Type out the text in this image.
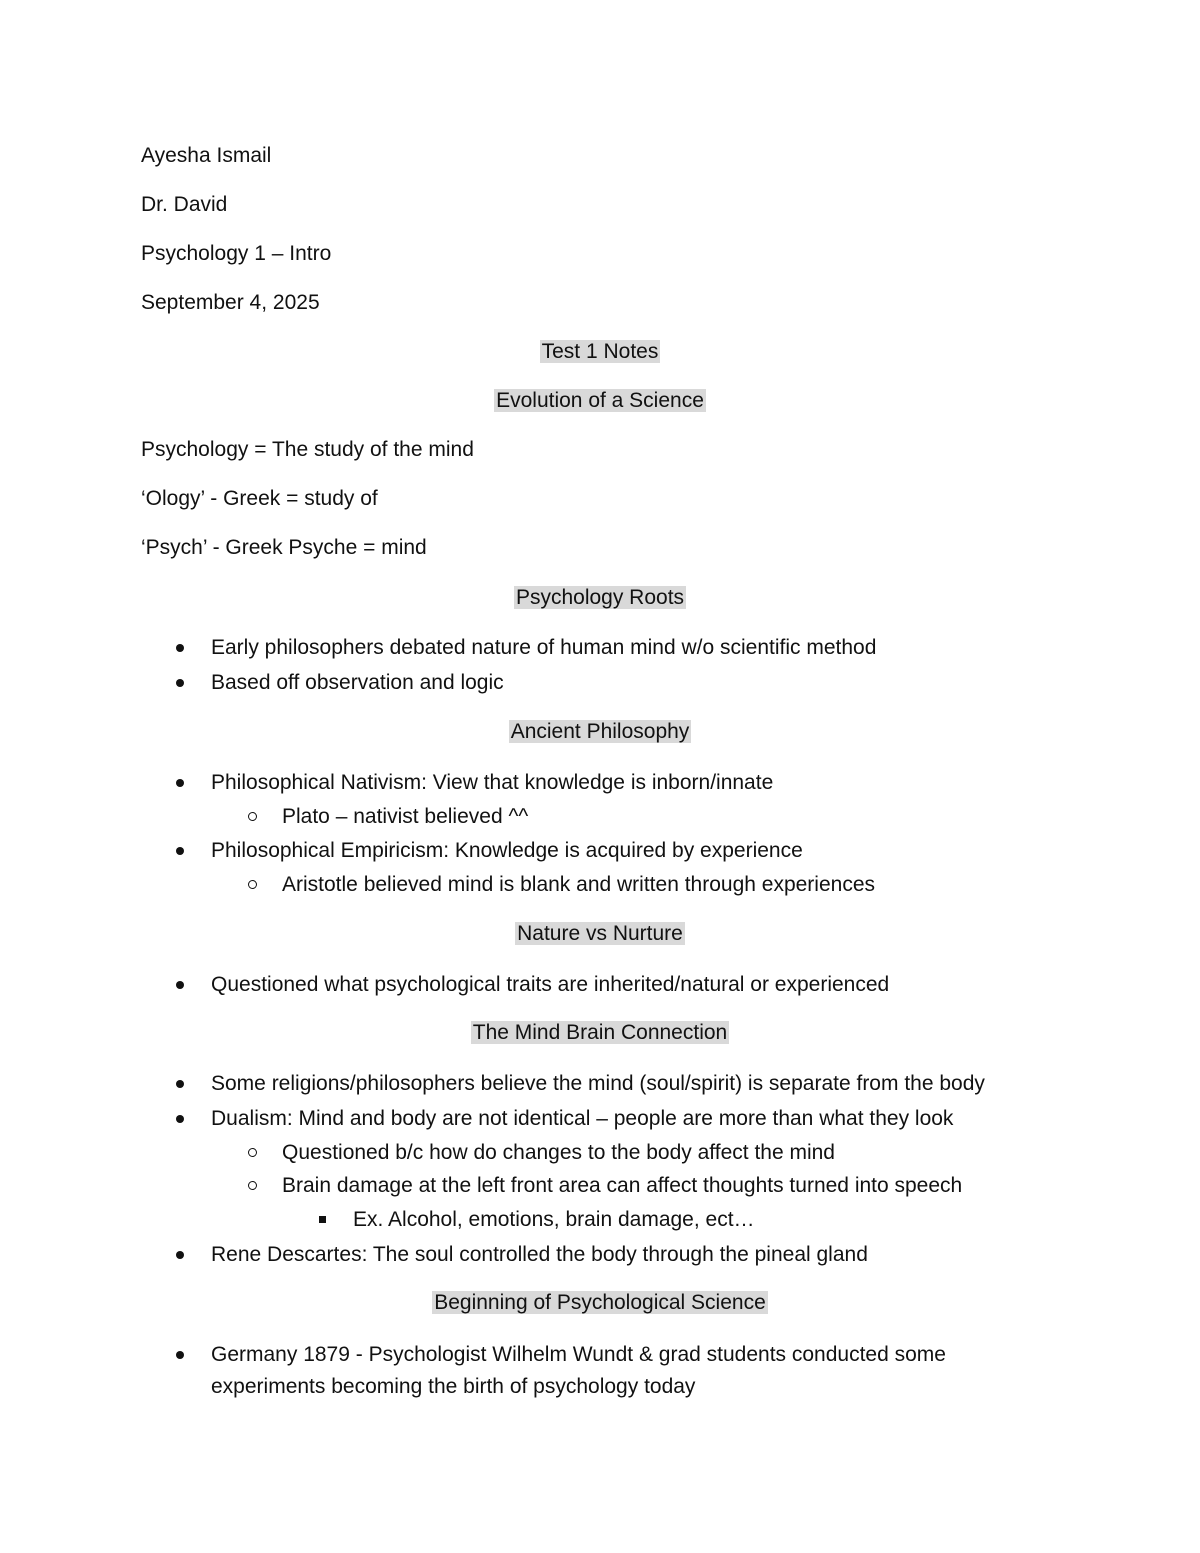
Ayesha Ismail
Dr. David
Psychology 1 – Intro
September 4, 2025
Test 1 Notes
Evolution of a Science
Psychology = The study of the mind
‘Ology’ - Greek = study of
‘Psych’ - Greek Psyche = mind
Psychology Roots
Early philosophers debated nature of human mind w/o scientific method
Based off observation and logic
Ancient Philosophy
Philosophical Nativism: View that knowledge is inborn/innate
Plato – nativist believed ^^
Philosophical Empiricism: Knowledge is acquired by experience
Aristotle believed mind is blank and written through experiences
Nature vs Nurture
Questioned what psychological traits are inherited/natural or experienced
The Mind Brain Connection
Some religions/philosophers believe the mind (soul/spirit) is separate from the body
Dualism: Mind and body are not identical – people are more than what they look
Questioned b/c how do changes to the body affect the mind
Brain damage at the left front area can affect thoughts turned into speech
Ex. Alcohol, emotions, brain damage, ect…
Rene Descartes: The soul controlled the body through the pineal gland
Beginning of Psychological Science
Germany 1879 - Psychologist Wilhelm Wundt & grad students conducted some experiments becoming the birth of psychology today
